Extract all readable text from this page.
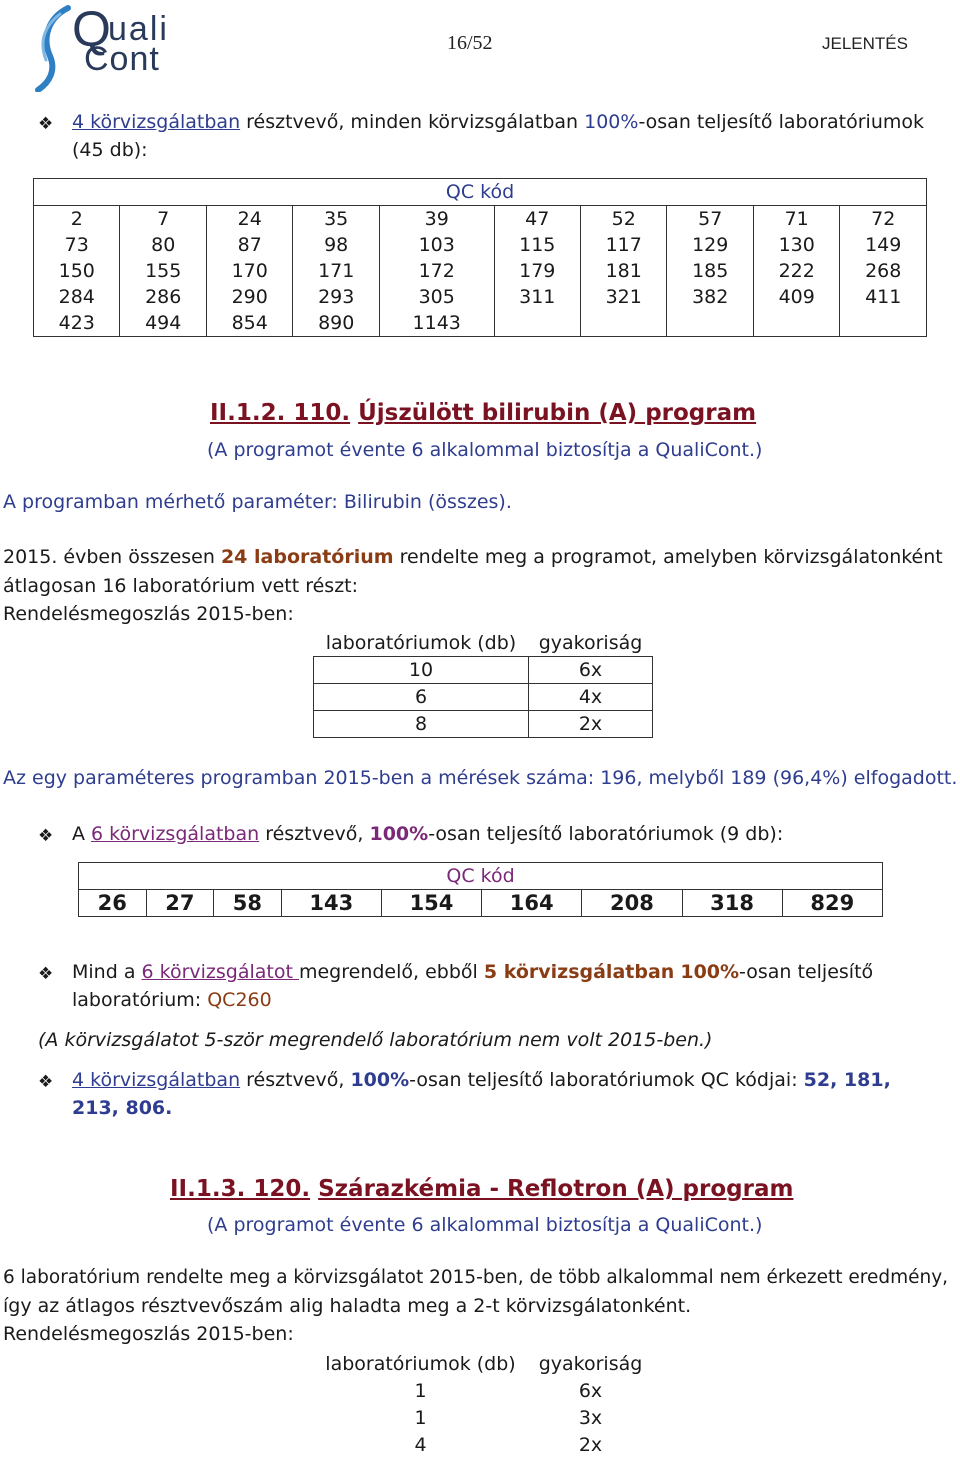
Q
uali
Cont	16/52	JELENTÉS
❖ 4 körvizsgálatban résztvevő, minden körvizsgálatban 100%-osan teljesítő laboratóriumok
(45 db):
QC kód									
2	7	24	35	39	47	52	57	71	72
73	80	87	98	103	115	117	129	130	149
150	155	170	171	172	179	181	185	222	268
284	286	290	293	305	311	321	382	409	411
423	494	854	890	1143					
II.1.2. 110. Újszülött bilirubin (A) program
(A programot évente 6 alkalommal biztosítja a QualiCont.)
A programban mérhető paraméter: Bilirubin (összes).
2015. évben összesen 24 laboratórium rendelte meg a programot, amelyben körvizsgálatonként
átlagosan 16 laboratórium vett részt:
Rendelésmegoszlás 2015-ben:
laboratóriumok (db)	gyakoriság
10	6x
6	4x
8	2x
Az egy paraméteres programban 2015-ben a mérések száma: 196, melyből 189 (96,4%) elfogadott.
❖ A 6 körvizsgálatban résztvevő, 100%-osan teljesítő laboratóriumok (9 db):
QC kód
26	27	58	143	154	164	208	318	829
❖ Mind a 6 körvizsgálatot megrendelő, ebből 5 körvizsgálatban 100%-osan teljesítő
laboratórium: QC260
(A körvizsgálatot 5-ször megrendelő laboratórium nem volt 2015-ben.)
❖ 4 körvizsgálatban résztvevő, 100%-osan teljesítő laboratóriumok QC kódjai: 52, 181,
213, 806.
II.1.3. 120. Szárazkémia - Reflotron (A) program
(A programot évente 6 alkalommal biztosítja a QualiCont.)
6 laboratórium rendelte meg a körvizsgálatot 2015-ben, de több alkalommal nem érkezett eredmény,
így az átlagos résztvevőszám alig haladta meg a 2-t körvizsgálatonként.
Rendelésmegoszlás 2015-ben:
laboratóriumok (db)	gyakoriság
1	6x
1	3x
4	2x
